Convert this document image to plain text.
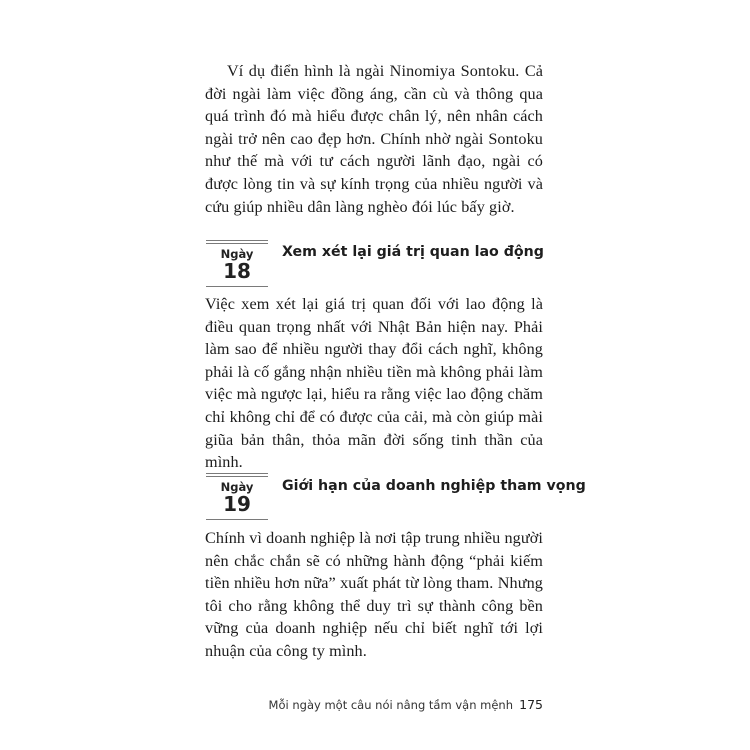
Ví dụ điển hình là ngài Ninomiya Sontoku. Cả đời ngài làm việc đồng áng, cần cù và thông qua quá trình đó mà hiểu được chân lý, nên nhân cách ngài trở nên cao đẹp hơn. Chính nhờ ngài Sontoku như thế mà với tư cách người lãnh đạo, ngài có được lòng tin và sự kính trọng của nhiều người và cứu giúp nhiều dân làng nghèo đói lúc bấy giờ.

Ngày
18
Xem xét lại giá trị quan lao động

Việc xem xét lại giá trị quan đối với lao động là điều quan trọng nhất với Nhật Bản hiện nay. Phải làm sao để nhiều người thay đổi cách nghĩ, không phải là cố gắng nhận nhiều tiền mà không phải làm việc mà ngược lại, hiểu ra rằng việc lao động chăm chỉ không chỉ để có được của cải, mà còn giúp mài giũa bản thân, thỏa mãn đời sống tinh thần của mình.

Ngày
19
Giới hạn của doanh nghiệp tham vọng

Chính vì doanh nghiệp là nơi tập trung nhiều người nên chắc chắn sẽ có những hành động “phải kiếm tiền nhiều hơn nữa” xuất phát từ lòng tham. Nhưng tôi cho rằng không thể duy trì sự thành công bền vững của doanh nghiệp nếu chỉ biết nghĩ tới lợi nhuận của công ty mình.

Mỗi ngày một câu nói nâng tầm vận mệnh 175
